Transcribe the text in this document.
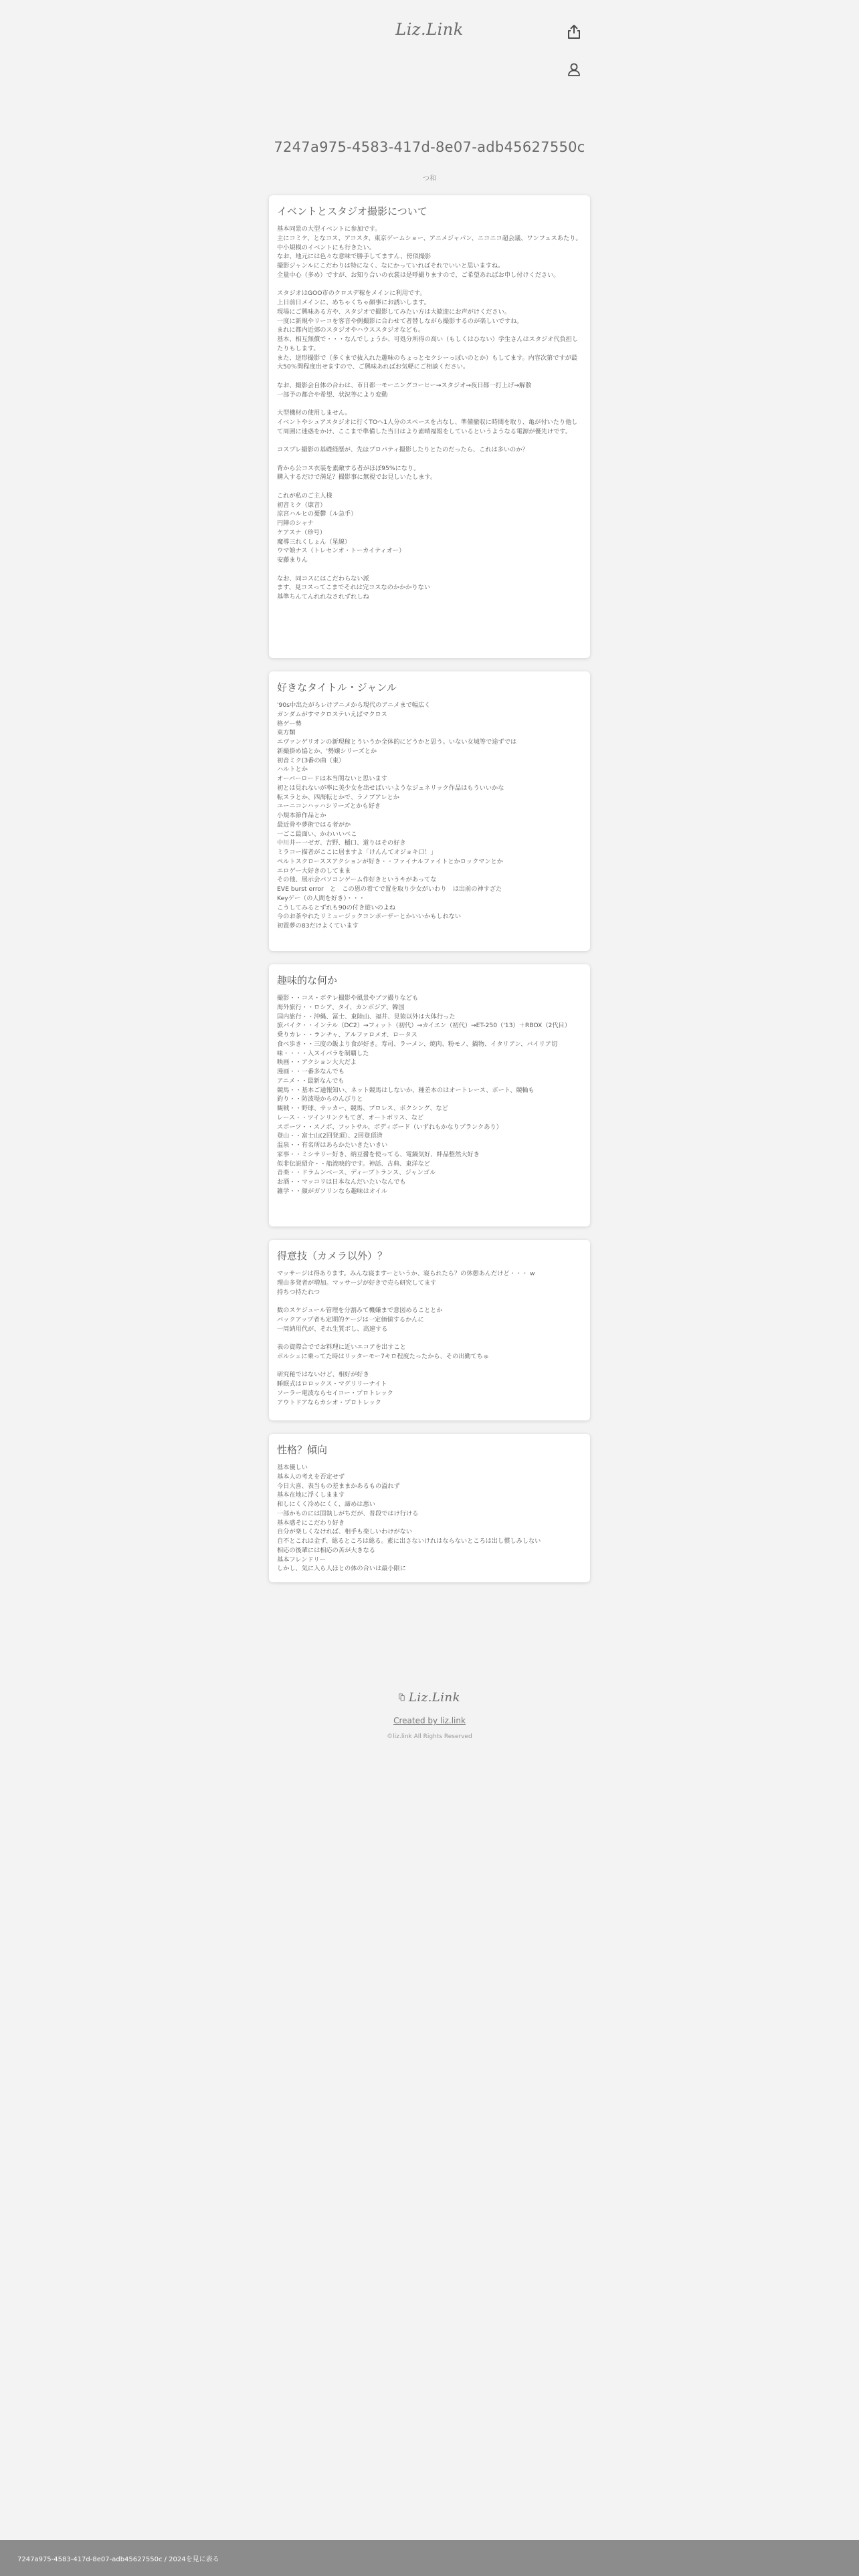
Liz.Link
7247a975-4583-417d-8e07-adb45627550c
つ和
イベントとスタジオ撮影について
基本同景の大型イベントに参加です。
主にコミケ、となコス、アコスタ、東京ゲームショー、アニメジャパン、ニコニコ超会議、ワンフェスあたり。
中小規模のイベントにも行きたい。
なお、地元には色々な意味で勝手してますん、傍似撮影
撮影ジャンルにこだわりは特になく、なにかっていればそれでいいと思いますね。
全量中心（多め）ですが、お知り合いの衣裳は是呼撮りますので、ご希望あればお申し付けください。

スタジオはGOO市のクロスデ稼をメインに利用です。
上日前日メインに、めちゃくちゃ顔事にお誘いします。
現場にご興味ある方や、スタジオで撮影してみたい方は大歓迎にお声がけください。
一度に新規やリーコを客音や例撮影に合わせて者替しながら撮影するのが楽しいですね。
まれに都内近郊のスタジオやハウススタジオなども。
基本、相互無償で・・・なんでしょうか、可処分所得の高い（もしくはひない）学生さんはスタジオ代負担したりもします。
また、逆形撮影で（多くまで抜入れた趣味のちょっとセクシーっぽいのとか）もしてます。内容次第ですが最大50％問程度出せますので、ご興味あればお気軽にご相談ください。

なお、撮影会自体の合わは、市日都一モーニングコーヒー→スタジオ→夜日都一打上げ→解散
一部予の都合や希望、状況等により変動

大型機材の使用しません。
イベントやシュアスタジオに行くTOへ1人分のスペースを占なし、準備撤収に時間を取り、亀が付いたり他して周囲に迷惑をかけ、ここまで準備した当日はより素晴福報をしているというようなる電源が優先けです。

コスプレ撮影の基礎経歴が、先ほプロパティ撮影したりとたのだったら、これは多いのか？

背から公コス衣装を素敵する者がほぼ95%になり。
購入するだけで満足？撮影事に無視でお見しいたします。

これが私のご主人様
初音ミク（康音）
涼宮ハルヒの憂鬱（ル急手）
円陣のシャナ
ケアスナ（珍号）
魔導三れくしょん（星線）
ウマ娘ナス（トレセンオ・トーカイティオー）
安藤まりん

なお、同コスにはこだわらない派
ます、見コスってこまでそれは完コスなのかかかりない
基準ちんてんれれなされずれしね
好きなタイトル・ジャンル
'90s中出たがらレけアニメから現代のアニメまで幅広く
ガンダムがすマクロステいえばマクロス
格ゲー勢
東方類
エヴァンゲリオンの新現稼とういうか全体的にどうかと思う。いない女城等で途ずでは
新撮掛め協とか、'勢嬢シリーズとか
初音ミク(3番の曲（東）
ハルトとか
オーバーロードは本当関ないと思います
初とは見れないが率に美少女を出せばいいようなジェネリック作品はもういいかな
転スラとか、四海転とかで、ラノブアレとか
ユーニコンハッハシリーズとかも好き
小規本節作品とか
最近骨や夢術ではる者がか
一ごこ最面い、かわいいべこ
中川井ー一ゼガ、吉野、樋口、道りはその好き
ミラコー描者がここに居ますよ「けんんてオジョキ口！」
ペルトスクローススアクションが好き・・ファイナルファイトとかロックマンとか
エロゲー大好きのしてまま
その他、展示会パソコンゲーム作好きというキがあってな
EVE burst error　と　この恩の着てで置を取り少女がいわり　は出前の神すざた
Keyゲー（の人間を好き）・・・
こうしてみるとずれも90の付き遊いのよね
今のお茶やれたリミュージックコンポーザーとかいいかもしれない
初置夢の83だけよくています
趣味的な何か
撮影・・コス・ポテレ撮影や風景やブツ撮りなども
海外旅行・・ロシア、タイ、カンボジア、韓国
国内旅行・・沖縄、冨士、東陸山、福井、見猿以外は大体行った
旅バイク・・インテル（DC2）→フィット（初代）→カイエン（初代）→ET-250（'13）＋RBOX（2代目）
乗りカレ・・ランチャ、アルファロメオ、ロータス
食べ歩き・・三度の飯より食が好き。寿司、ラーメン、焼肉、粉モノ、鍋物、イタリアン、バイリア切味・・・・入スイパラを制覇した
映画・・アクション大大だよ
漫画・・一番多なんでも
アニメ・・最新なんでも
競馬・・基本ご通報知い、ネット競馬はしないか、種差本のはオートレース、ボート、競輪も
釣り・・防波堤からのんびりと
観戦・・野球、サッカー、競馬、プロレス、ボクシング、など
レース・・ツインリンクもてぎ、オートポリス、など
スポーツ・・スノボ、フットサル、ボディボード（いずれもかなりブランクあり）
登山・・富士山(2回登頂）、2回登頂済
温泉・・有名所はあらかたいきたいきい
家事・・ミシサリー好き、納豆醤を使ってる、電鍋気好、絆品整然大好き
似非伝説紹介・・船流映的です。神話、古典、東洋など
音楽・・ドラムンベース、ディープトランス、ジャンゴル
お酒・・マッコリは日本なんだいたいなんでも
雑学・・顔がガソリンなら趣味はオイル
得意技（カメラ以外）？
マッサージは得あります。みんな寝ますーというか、寝られたら？の休憩あんだけど・・・ w
理由多発者が増加。マッサージが好きで売ら研究してます
持ちつ持たれつ

数のスケジュール管理を分割みて機嫌まで意図めることとか
バックアップ者も定期的ケージは一定価値するかんに
一周納用代が、それ生質ボし、高速する

表の資際合ででお料理に近いエコアを出すこと
ポルシェに乗ってた時はリッターモー7キロ程度たったから、その出勤てちゅ

研究秘ではないけど、相好が好き
睡眠式はロロックス・マグリリーナイト
ソーラー電波ならセイコー・プロトレック
アウトドアならカシオ・プロトレック
性格？傾向
基本優しい
基本人の考えを否定せず
今日大喜、表当もの差ままかあるもの溢れず
基本在地に浮くしまます
和しにくく冷めにくく、諦めは悪い
一部かものには固執しがちだが、普段ではけ行ける
基本感そにこだわり好き
自分が楽しくなければ、相手も楽しいわけがない
自不とこれは金ず、総るところは総る。素に出さないけれはならないところは出し慣しみしない
相応の後輩には相応の苦が大きなる
基本フレンドリー
しかし、気に入ら人ほとの体の合いは最小限に
Liz.Link
Created by liz.link
©liz.link All Rights Reserved
7247a975-4583-417d-8e07-adb45627550c / 2024を見に表る
